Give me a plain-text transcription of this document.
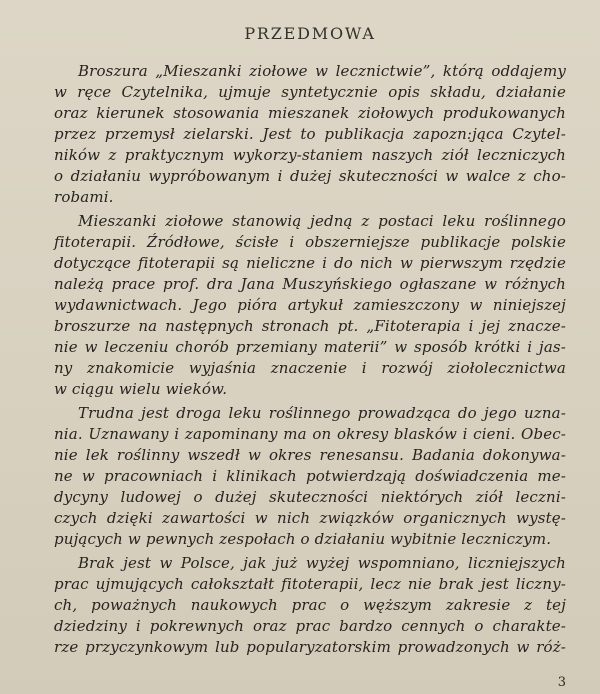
PRZEDMOWA
Broszura „Mieszanki ziołowe w lecznictwie”, którą oddajemy
w ręce Czytelnika, ujmuje syntetycznie opis składu, działanie
oraz kierunek stosowania mieszanek ziołowych produkowanych
przez przemysł zielarski. Jest to publikacja zapozn:jąca Czytel-
ników z praktycznym wykorzy-staniem naszych ziół leczniczych
o działaniu wypróbowanym i dużej skuteczności w walce z cho-
robami.
Mieszanki ziołowe stanowią jedną z postaci leku roślinnego
fitoterapii. Źródłowe, ścisłe i obszerniejsze publikacje polskie
dotyczące fitoterapii są nieliczne i do nich w pierwszym rzędzie
należą prace prof. dra Jana Muszyńskiego ogłaszane w różnych
wydawnictwach. Jego pióra artykuł zamieszczony w niniejszej
broszurze na następnych stronach pt. „Fitoterapia i jej znacze-
nie w leczeniu chorób przemiany materii” w sposób krótki i jas-
ny znakomicie wyjaśnia znaczenie i rozwój ziołolecznictwa
w ciągu wielu wieków.
Trudna jest droga leku roślinnego prowadząca do jego uzna-
nia. Uznawany i zapominany ma on okresy blasków i cieni. Obec-
nie lek roślinny wszedł w okres renesansu. Badania dokonywa-
ne w pracowniach i klinikach potwierdzają doświadczenia me-
dycyny ludowej o dużej skuteczności niektórych ziół leczni-
czych dzięki zawartości w nich związków organicznych wystę-
pujących w pewnych zespołach o działaniu wybitnie leczniczym.
Brak jest w Polsce, jak już wyżej wspomniano, liczniejszych
prac ujmujących całokształt fitoterapii, lecz nie brak jest liczny-
ch, poważnych naukowych prac o węższym zakresie z tej
dziedziny i pokrewnych oraz prac bardzo cennych o charakte-
rze przyczynkowym lub popularyzatorskim prowadzonych w róż-
3
